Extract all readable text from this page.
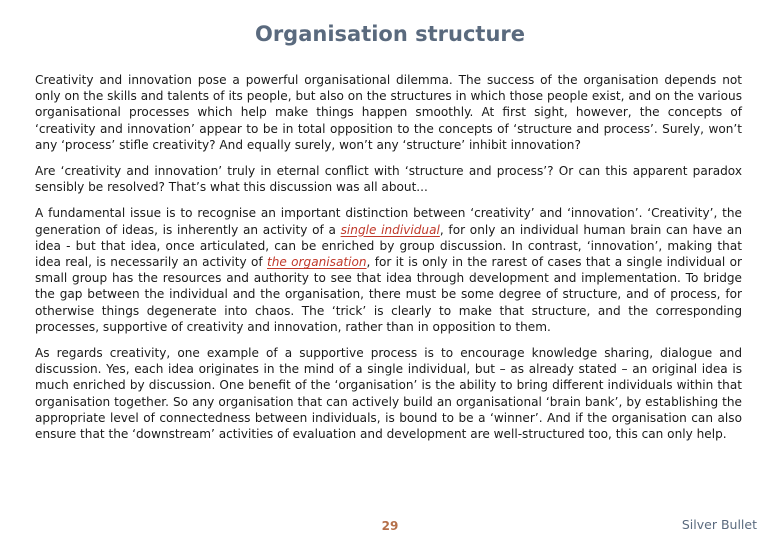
Organisation structure

Creativity and innovation pose a powerful organisational dilemma. The success of the organisation depends not only on the skills and talents of its people, but also on the structures in which those people exist, and on the various organisational processes which help make things happen smoothly. At first sight, however, the concepts of ‘creativity and innovation’ appear to be in total opposition to the concepts of ‘structure and process’. Surely, won’t any ‘process’ stifle creativity? And equally surely, won’t any ‘structure’ inhibit innovation?

Are ‘creativity and innovation’ truly in eternal conflict with ‘structure and process’? Or can this apparent paradox sensibly be resolved? That’s what this discussion was all about...

A fundamental issue is to recognise an important distinction between ‘creativity’ and ‘innovation’. ‘Creativity’, the generation of ideas, is inherently an activity of a single individual, for only an individual human brain can have an idea - but that idea, once articulated, can be enriched by group discussion. In contrast, ‘innovation’, making that idea real, is necessarily an activity of the organisation, for it is only in the rarest of cases that a single individual or small group has the resources and authority to see that idea through development and implementation. To bridge the gap between the individual and the organisation, there must be some degree of structure, and of process, for otherwise things degenerate into chaos. The ‘trick’ is clearly to make that structure, and the corresponding processes, supportive of creativity and innovation, rather than in opposition to them.

As regards creativity, one example of a supportive process is to encourage knowledge sharing, dialogue and discussion. Yes, each idea originates in the mind of a single individual, but – as already stated – an original idea is much enriched by discussion. One benefit of the ‘organisation’ is the ability to bring different individuals within that organisation together. So any organisation that can actively build an organisational ‘brain bank’, by establishing the appropriate level of connectedness between individuals, is bound to be a ‘winner’. And if the organisation can also ensure that the ‘downstream’ activities of evaluation and development are well-structured too, this can only help.

29	Silver Bullet
